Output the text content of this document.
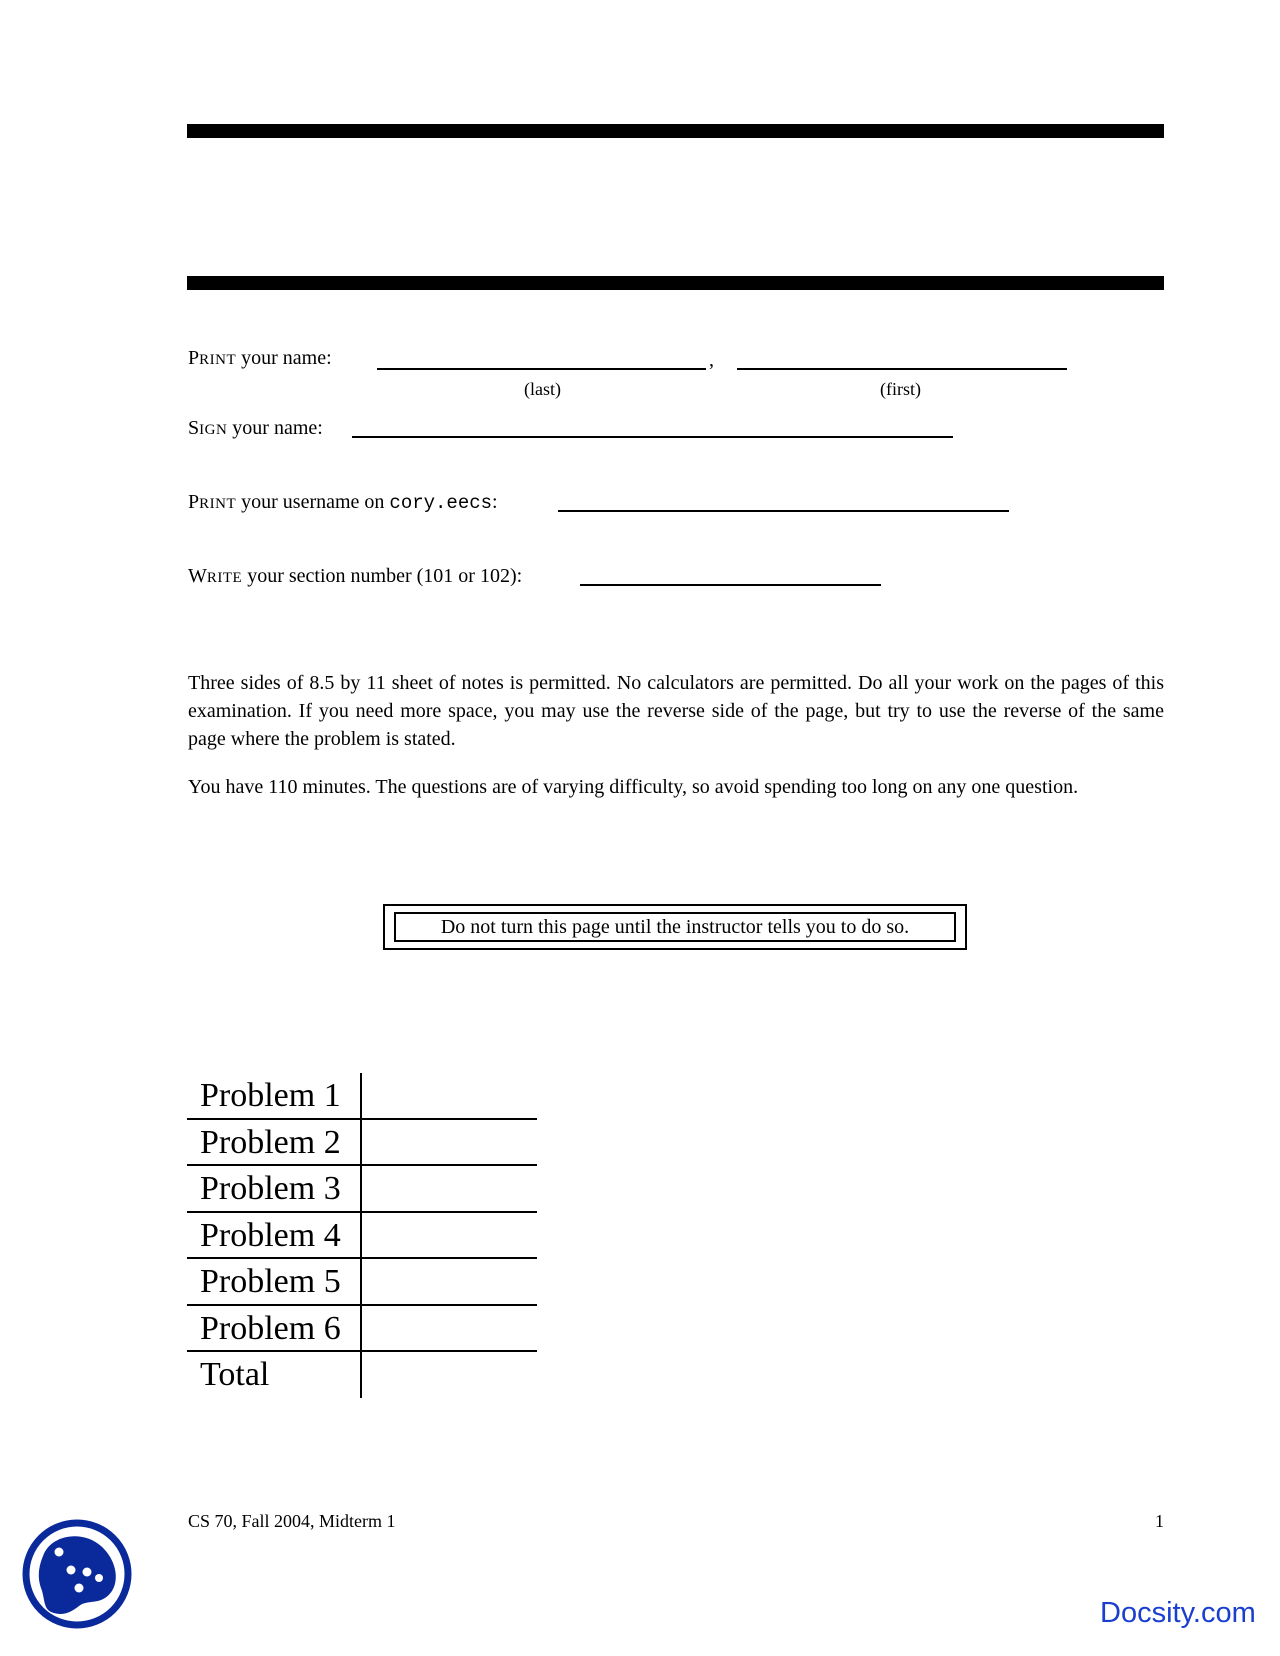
PRINT your name:	,
(last)	(first)
SIGN your name:
PRINT your username on cory.eecs:
WRITE your section number (101 or 102):

Three sides of 8.5 by 11 sheet of notes is permitted. No calculators are permitted. Do all your work on the pages of this examination. If you need more space, you may use the reverse side of the page, but try to use the reverse of the same page where the problem is stated.

You have 110 minutes. The questions are of varying difficulty, so avoid spending too long on any one question.

Do not turn this page until the instructor tells you to do so.
Problem 1
Problem 2
Problem 3
Problem 4
Problem 5
Problem 6
Total
CS 70, Fall 2004, Midterm 1	1
Docsity.com
